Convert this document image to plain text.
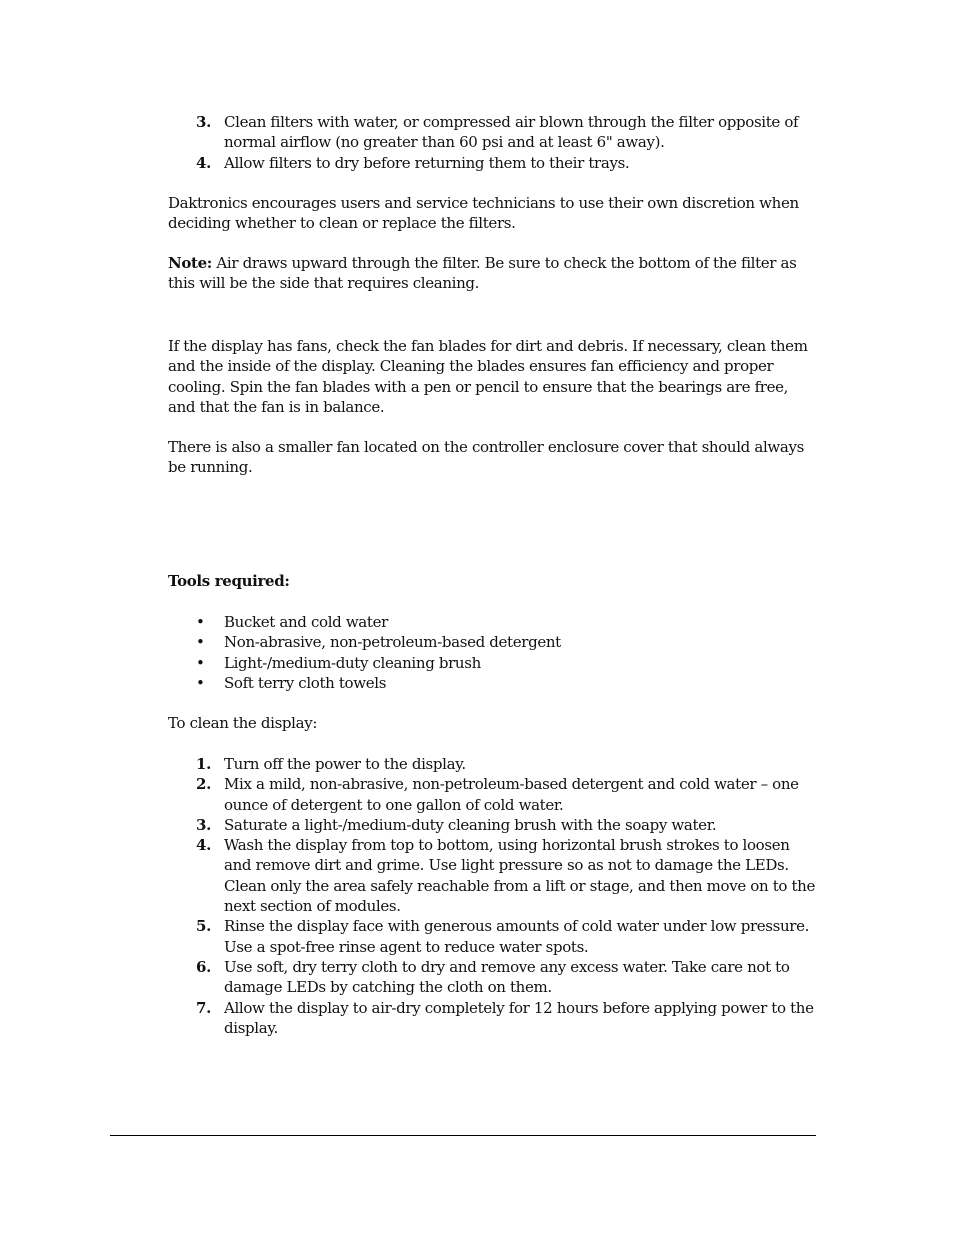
3. Clean filters with water, or compressed air blown through the filter opposite of normal airflow (no greater than 60 psi and at least 6" away).
4. Allow filters to dry before returning them to their trays.

Daktronics encourages users and service technicians to use their own discretion when deciding whether to clean or replace the filters.

Note: Air draws upward through the filter. Be sure to check the bottom of the filter as this will be the side that requires cleaning.

If the display has fans, check the fan blades for dirt and debris. If necessary, clean them and the inside of the display. Cleaning the blades ensures fan efficiency and proper cooling. Spin the fan blades with a pen or pencil to ensure that the bearings are free, and that the fan is in balance.

There is also a smaller fan located on the controller enclosure cover that should always be running.

Tools required:

• Bucket and cold water
• Non-abrasive, non-petroleum-based detergent
• Light-/medium-duty cleaning brush
• Soft terry cloth towels

To clean the display:

1. Turn off the power to the display.
2. Mix a mild, non-abrasive, non-petroleum-based detergent and cold water – one ounce of detergent to one gallon of cold water.
3. Saturate a light-/medium-duty cleaning brush with the soapy water.
4. Wash the display from top to bottom, using horizontal brush strokes to loosen and remove dirt and grime. Use light pressure so as not to damage the LEDs. Clean only the area safely reachable from a lift or stage, and then move on to the next section of modules.
5. Rinse the display face with generous amounts of cold water under low pressure. Use a spot-free rinse agent to reduce water spots.
6. Use soft, dry terry cloth to dry and remove any excess water. Take care not to damage LEDs by catching the cloth on them.
7. Allow the display to air-dry completely for 12 hours before applying power to the display.
